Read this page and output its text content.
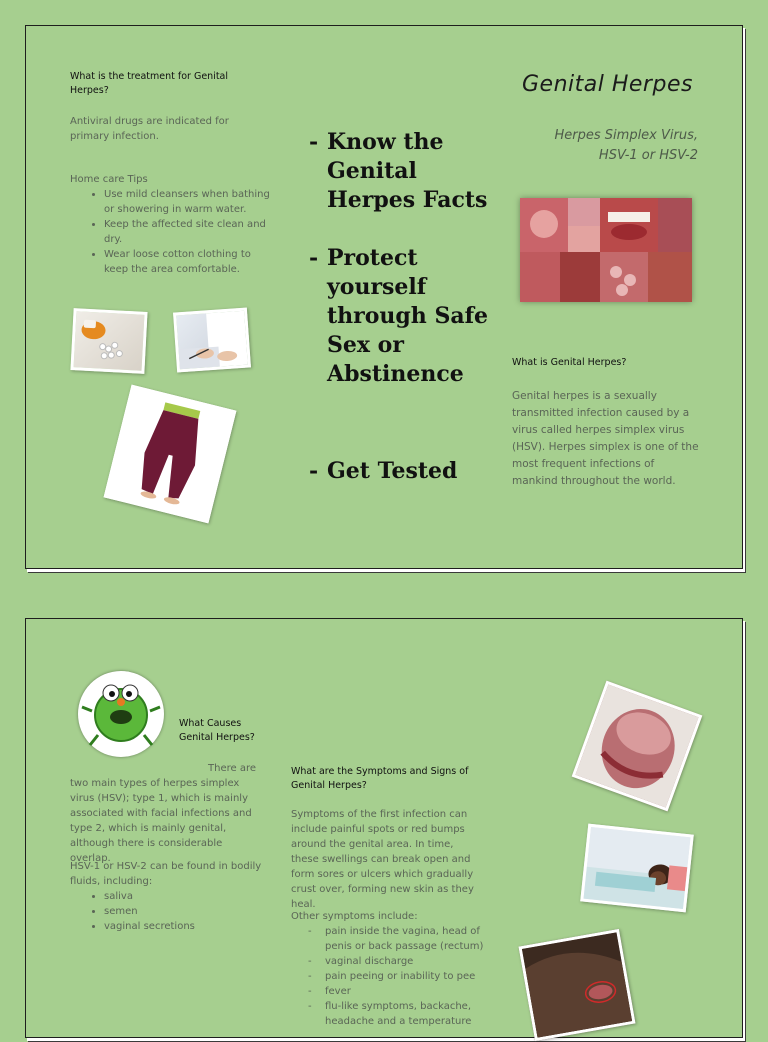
What is the treatment for Genital Herpes?
Antiviral drugs are indicated for primary infection.
Home care Tips
• Use mild cleansers when bathing or showering in warm water.
• Keep the affected site clean and dry.
• Wear loose cotton clothing to keep the area comfortable.
- Know the Genital Herpes Facts
- Protect yourself through Safe Sex or Abstinence
- Get Tested
Genital Herpes
Herpes Simplex Virus,
HSV-1 or HSV-2
What is Genital Herpes?
Genital herpes is a sexually transmitted infection caused by a virus called herpes simplex virus (HSV). Herpes simplex is one of the most frequent infections of mankind throughout the world.
What Causes
Genital Herpes?
There are two main types of herpes simplex virus (HSV); type 1, which is mainly associated with facial infections and type 2, which is mainly genital, although there is considerable overlap.
HSV-1 or HSV-2 can be found in bodily fluids, including:
• saliva
• semen
• vaginal secretions
What are the Symptoms and Signs of Genital Herpes?
Symptoms of the first infection can include painful spots or red bumps around the genital area. In time, these swellings can break open and form sores or ulcers which gradually crust over, forming new skin as they heal.
Other symptoms include:
- pain inside the vagina, head of penis or back passage (rectum)
- vaginal discharge
- pain peeing or inability to pee
- fever
- flu-like symptoms, backache, headache and a temperature
